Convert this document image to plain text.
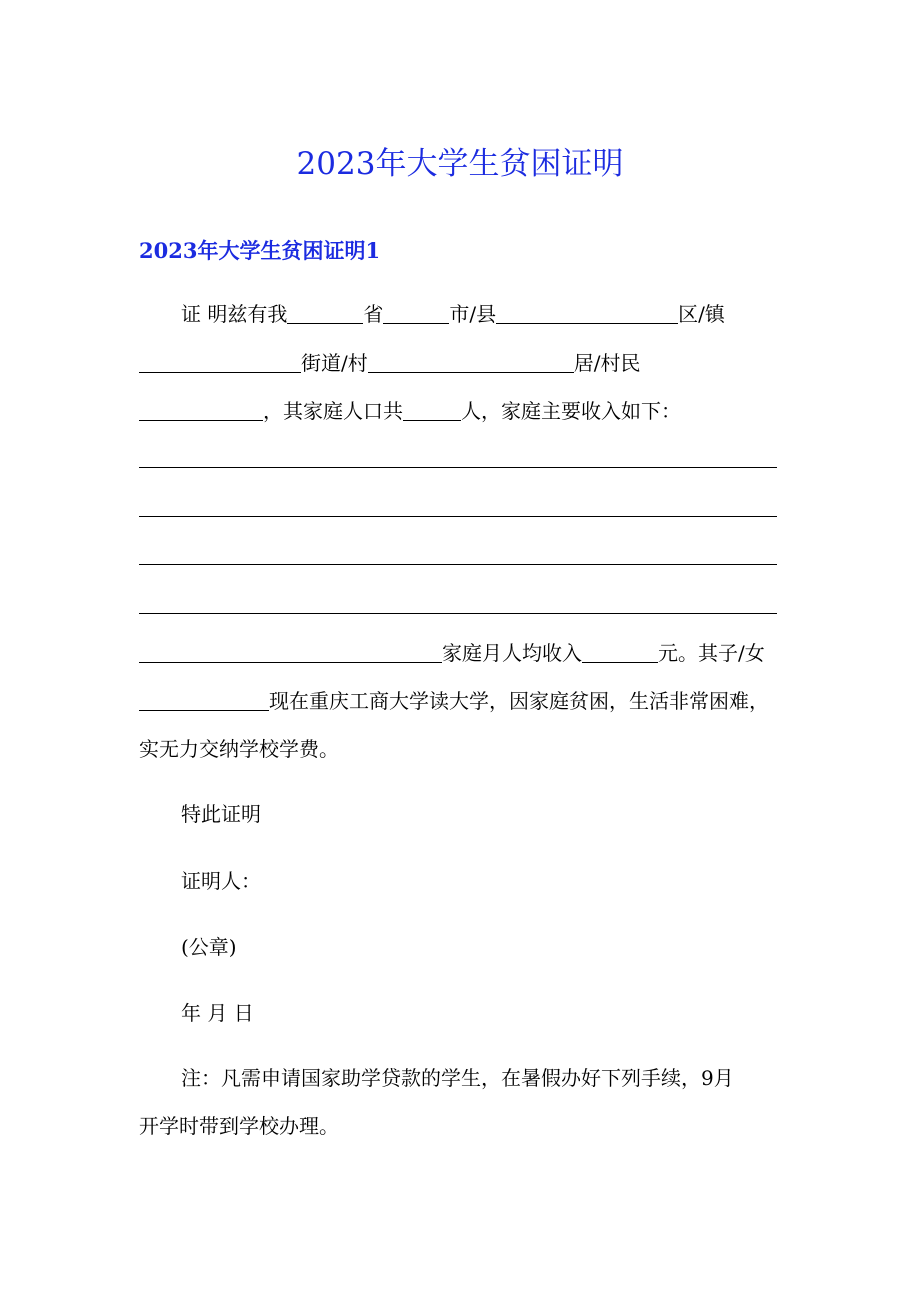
2023年大学生贫困证明
2023年大学生贫困证明1
证 明兹有我	省	市/县	区/镇
街道/村	居/村民
，其家庭人口共	人，家庭主要收入如下：
家庭月人均收入	元。其子/女
现在重庆工商大学读大学，因家庭贫困，生活非常困难，
实无力交纳学校学费。
特此证明
证明人：
(公章)
年 月 日
注：凡需申请国家助学贷款的学生，在暑假办好下列手续，9月
开学时带到学校办理。
